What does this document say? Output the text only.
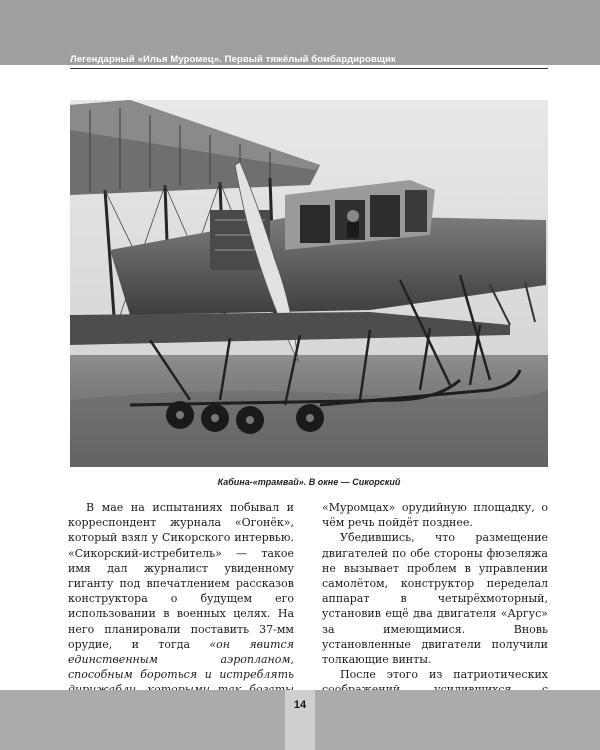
Легендарный «Илья Муромец». Первый тяжёлый бомбардировщик
Кабина-«трамвай». В окне — Сикорский

В мае на испытаниях побывал и корреспондент журнала «Огонёк», который взял у Сикорского интервью. «Сикорский-истребитель» — такое имя дал журналист увиденному гиганту под впечатлением рассказов конструктора о будущем его использовании в военных целях. На него планировали поставить 37-мм орудие, и тогда «он явится единственным аэропланом, способным бороться и истреблять

«Муромцах» орудийную площадку, о чём речь пойдёт позднее.

Убедившись, что размещение двигателей по обе стороны фюзеляжа не вызывает проблем в управлении самолётом, конструктор переделал аппарат в четырёхмоторный, установив ещё два двигателя «Аргус» за имеющимися. Вновь установленные двигатели получили толкающие винты.

После этого из патриотических

14
